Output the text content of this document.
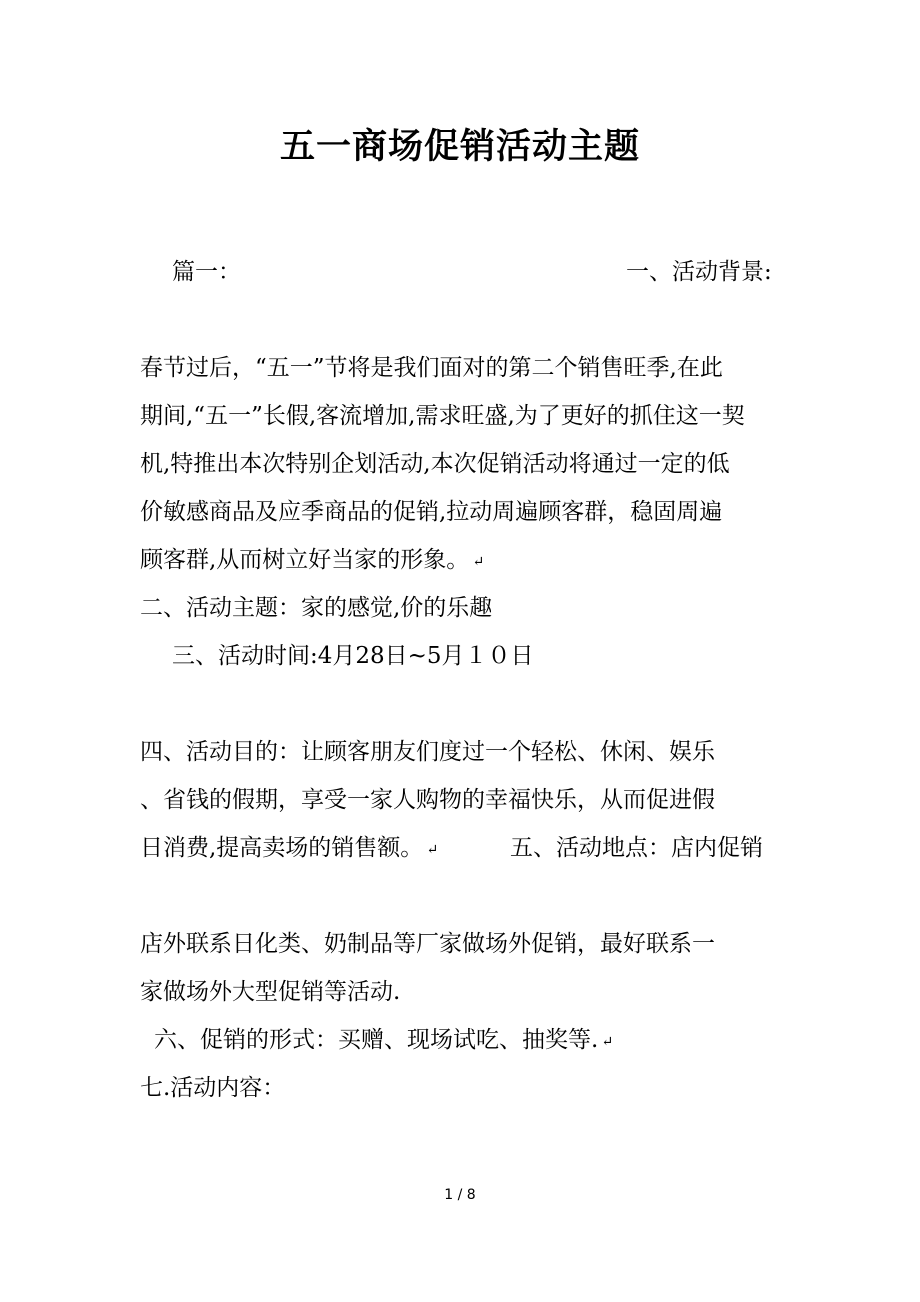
五一商场促销活动主题
篇一：	一、活动背景:
春节过后，“五一”节将是我们面对的第二个销售旺季,在此
期间,“五一”长假,客流增加,需求旺盛,为了更好的抓住这一契
机,特推出本次特别企划活动,本次促销活动将通过一定的低
价敏感商品及应季商品的促销,拉动周遍顾客群，稳固周遍
顾客群,从而树立好当家的形象。 ↵
二、活动主题：家的感觉,价的乐趣
三、活动时间:4月28日~5月１０日
四、活动目的：让顾客朋友们度过一个轻松、休闲、娱乐
、省钱的假期，享受一家人购物的幸福快乐，从而促进假
日消费,提高卖场的销售额。 ↵	五、活动地点：店内促销
店外联系日化类、奶制品等厂家做场外促销，最好联系一
家做场外大型促销等活动.
六、促销的形式：买赠、现场试吃、抽奖等. ↵
七.活动内容：
1 / 8
